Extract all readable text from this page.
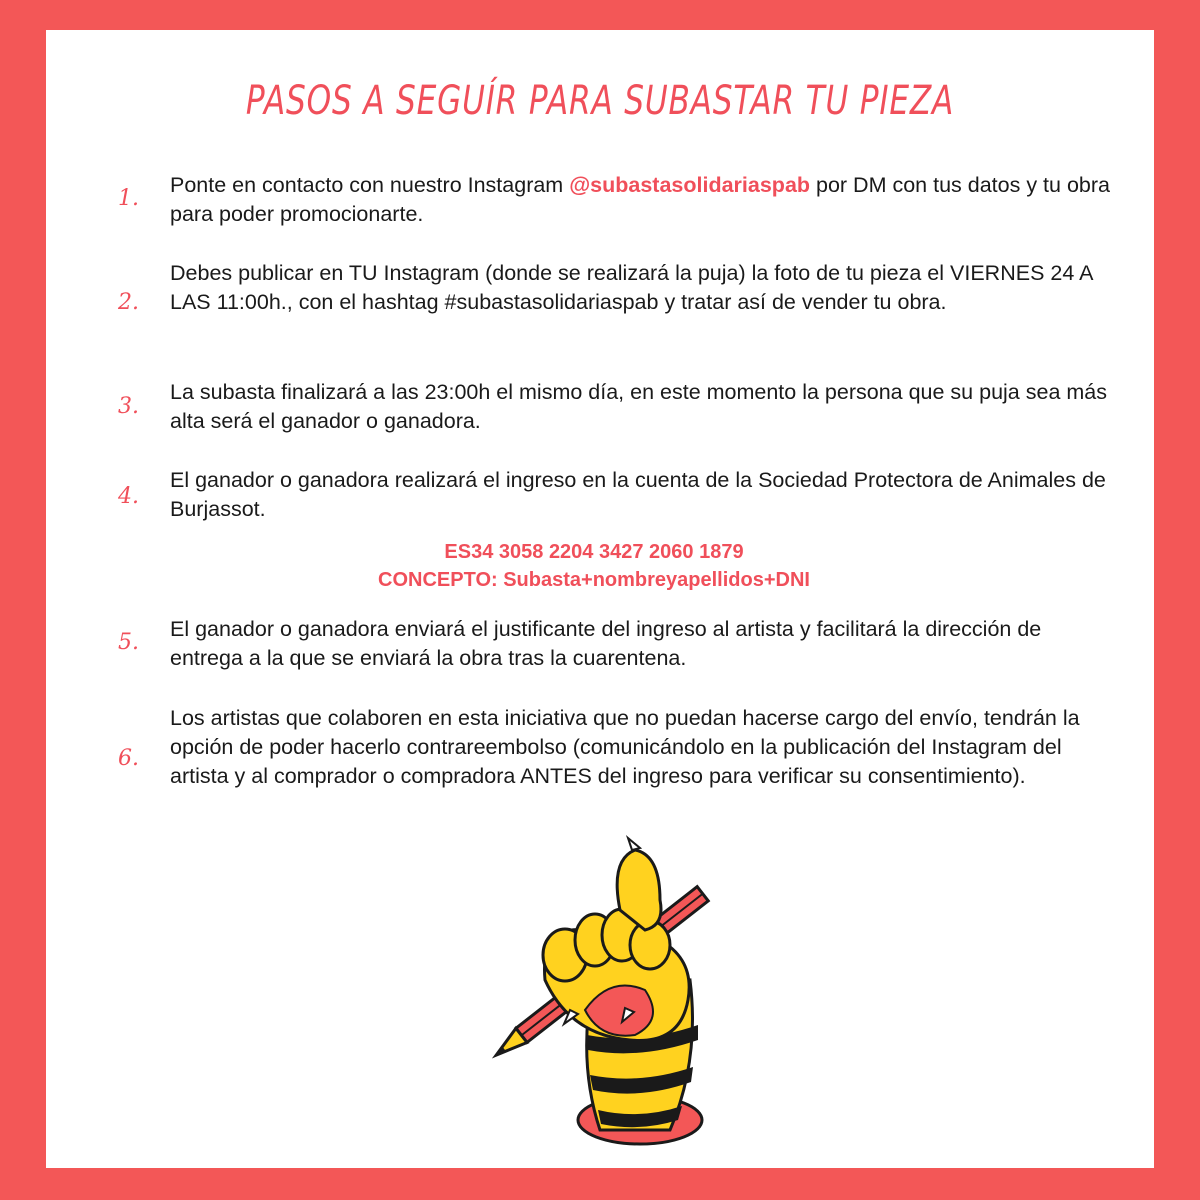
PASOS A SEGUÍR PARA SUBASTAR TU PIEZA
1.
Ponte en contacto con nuestro Instagram @subastasolidariaspab por DM con tus datos y tu obra para poder promocionarte.
2.
Debes publicar en TU Instagram (donde se realizará la puja) la foto de tu pieza el VIERNES 24 A LAS 11:00h., con el hashtag #subastasolidariaspab y tratar así de vender tu obra.
3.
La subasta finalizará a las 23:00h el mismo día, en este momento la persona que su puja sea más alta será el ganador o ganadora.
4.
El ganador o ganadora realizará el ingreso en la cuenta de la Sociedad Protectora de Animales de Burjassot.
ES34 3058 2204 3427 2060 1879
CONCEPTO: Subasta+nombreyapellidos+DNI
5.
El ganador o ganadora enviará el justificante del ingreso al artista y facilitará la dirección de entrega a la que se enviará la obra tras la cuarentena.
6.
Los artistas que colaboren en esta iniciativa que no puedan hacerse cargo del envío, tendrán la opción de poder hacerlo contrareembolso (comunicándolo en la publicación del Instagram del artista y al comprador o compradora ANTES del ingreso para verificar su consentimiento).
